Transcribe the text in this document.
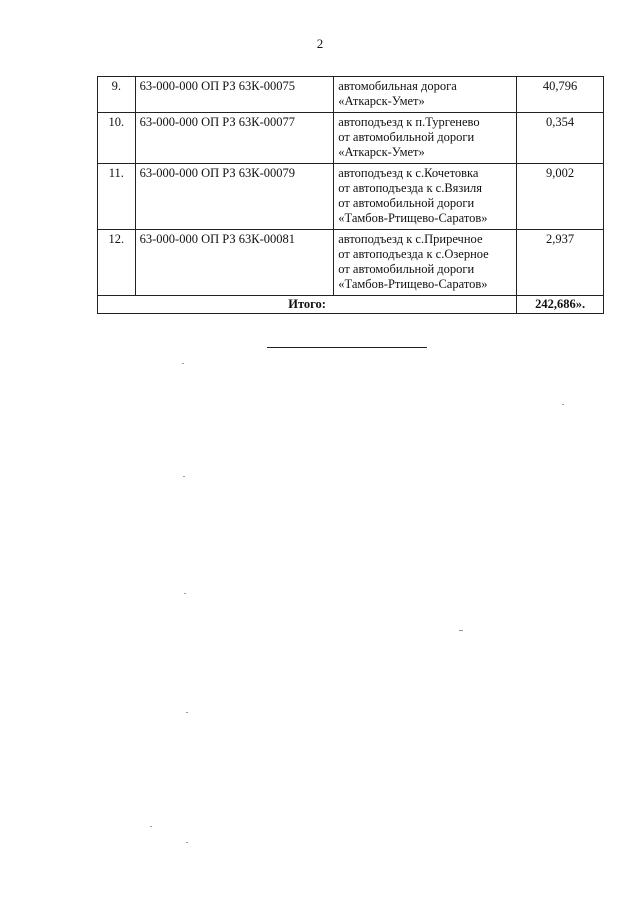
2
9.	63-000-000 ОП РЗ 63К-00075	автомобильная дорога
«Аткарск-Умет»	40,796
10.	63-000-000 ОП РЗ 63К-00077	автоподъезд к п.Тургенево
от автомобильной дороги
«Аткарск-Умет»	0,354
11.	63-000-000 ОП РЗ 63К-00079	автоподъезд к с.Кочетовка
от автоподъезда к с.Вязиля
от автомобильной дороги
«Тамбов-Ртищево-Саратов»	9,002
12.	63-000-000 ОП РЗ 63К-00081	автоподъезд к с.Приречное
от автоподъезда к с.Озерное
от автомобильной дороги
«Тамбов-Ртищево-Саратов»	2,937
Итого:			242,686».
